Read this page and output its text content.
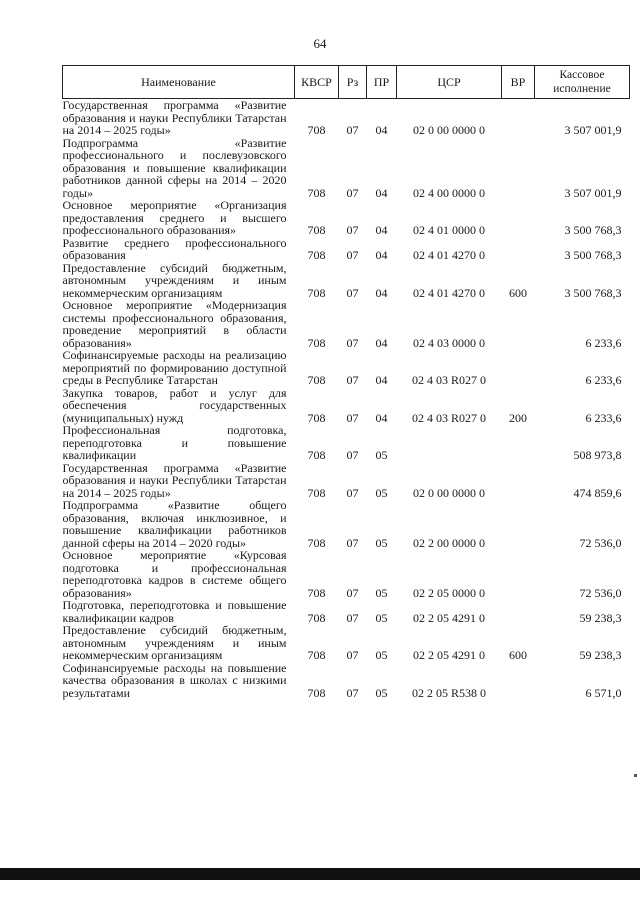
64
Наименование	КВСР	Рз	ПР	ЦСР	ВР	Кассовое исполнение
Государственная программа «Развитие образования и науки Республики Татарстан на 2014 – 2025 годы»	708	07	04	02 0 00 0000 0		3 507 001,9
Подпрограмма «Развитие профессионального и послевузовского образования и повышение квалификации работников данной сферы на 2014 – 2020 годы»	708	07	04	02 4 00 0000 0		3 507 001,9
Основное мероприятие «Организация предоставления среднего и высшего профессионального образования»	708	07	04	02 4 01 0000 0		3 500 768,3
Развитие среднего профессионального образования	708	07	04	02 4 01 4270 0		3 500 768,3
Предоставление субсидий бюджетным, автономным учреждениям и иным некоммерческим организациям	708	07	04	02 4 01 4270 0	600	3 500 768,3
Основное мероприятие «Модернизация системы профессионального образования, проведение мероприятий в области образования»	708	07	04	02 4 03 0000 0		6 233,6
Софинансируемые расходы на реализацию мероприятий по формированию доступной среды в Республике Татарстан	708	07	04	02 4 03 R027 0		6 233,6
Закупка товаров, работ и услуг для обеспечения государственных (муниципальных) нужд	708	07	04	02 4 03 R027 0	200	6 233,6
Профессиональная подготовка, переподготовка и повышение квалификации	708	07	05			508 973,8
Государственная программа «Развитие образования и науки Республики Татарстан на 2014 – 2025 годы»	708	07	05	02 0 00 0000 0		474 859,6
Подпрограмма «Развитие общего образования, включая инклюзивное, и повышение квалификации работников данной сферы на 2014 – 2020 годы»	708	07	05	02 2 00 0000 0		72 536,0
Основное мероприятие «Курсовая подготовка и профессиональная переподготовка кадров в системе общего образования»	708	07	05	02 2 05 0000 0		72 536,0
Подготовка, переподготовка и повышение квалификации кадров	708	07	05	02 2 05 4291 0		59 238,3
Предоставление субсидий бюджетным, автономным учреждениям и иным некоммерческим организациям	708	07	05	02 2 05 4291 0	600	59 238,3
Софинансируемые расходы на повышение качества образования в школах с низкими результатами	708	07	05	02 2 05 R538 0		6 571,0
